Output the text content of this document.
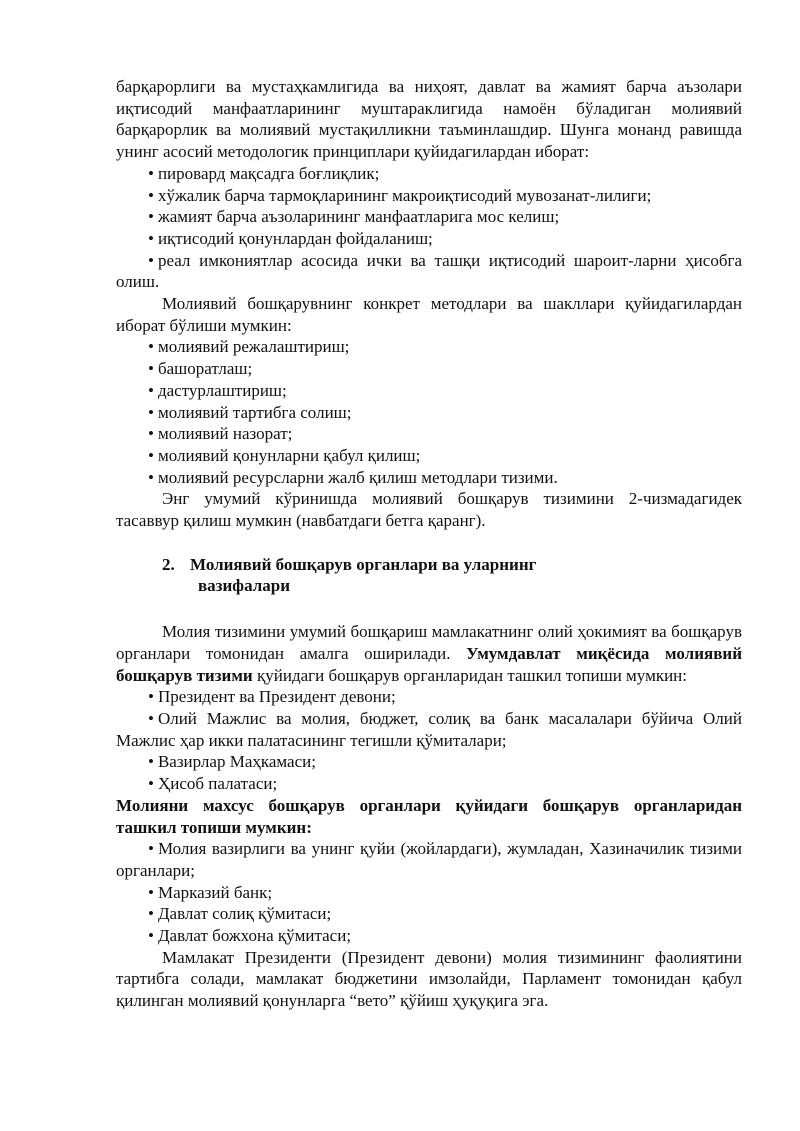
барқарорлиги ва мустаҳкамлигида ва ниҳоят, давлат ва жамият барча аъзолари иқтисодий манфаатларининг муштараклигида намоён бўладиган молиявий барқарорлик ва молиявий мустақилликни таъминлашдир. Шунга монанд равишда унинг асосий методологик принциплари қуйидагилардан иборат:

• пировард мақсадга боғлиқлик;

• хўжалик барча тармоқларининг макроиқтисодий мувозанат-лилиги;

• жамият барча аъзоларининг манфаатларига мос келиш;

• иқтисодий қонунлардан фойдаланиш;

• реал имкониятлар асосида ички ва ташқи иқтисодий шароит-ларни ҳисобга олиш.

Молиявий бошқарувнинг конкрет методлари ва шакллари қуйидагилардан иборат бўлиши мумкин:

• молиявий режалаштириш;

• башоратлаш;

• дастурлаштириш;

• молиявий тартибга солиш;

• молиявий назорат;

• молиявий қонунларни қабул қилиш;

• молиявий ресурсларни жалб қилиш методлари тизими.

Энг умумий кўринишда молиявий бошқарув тизимини 2-чизмадагидек тасаввур қилиш мумкин (навбатдаги бетга қаранг).

2. Молиявий бошқарув органлари ва уларнинг
вазифалари

Молия тизимини умумий бошқариш мамлакатнинг олий ҳокимият ва бошқарув органлари томонидан амалга оширилади. Умумдавлат миқёсида молиявий бошқарув тизими қуйидаги бошқарув органларидан ташкил топиши мумкин:

• Президент ва Президент девони;

• Олий Мажлис ва молия, бюджет, солиқ ва банк масалалари бўйича Олий Мажлис ҳар икки палатасининг тегишли қўмиталари;

• Вазирлар Маҳкамаси;

• Ҳисоб палатаси;

Молияни махсус бошқарув органлари қуйидаги бошқарув органларидан ташкил топиши мумкин:

• Молия вазирлиги ва унинг қуйи (жойлардаги), жумладан, Хазиначилик тизими органлари;

• Марказий банк;

• Давлат солиқ қўмитаси;

• Давлат божхона қўмитаси;

Мамлакат Президенти (Президент девони) молия тизимининг фаолиятини тартибга солади, мамлакат бюджетини имзолайди, Парламент томонидан қабул қилинган молиявий қонунларга “вето” қўйиш ҳуқуқига эга.
